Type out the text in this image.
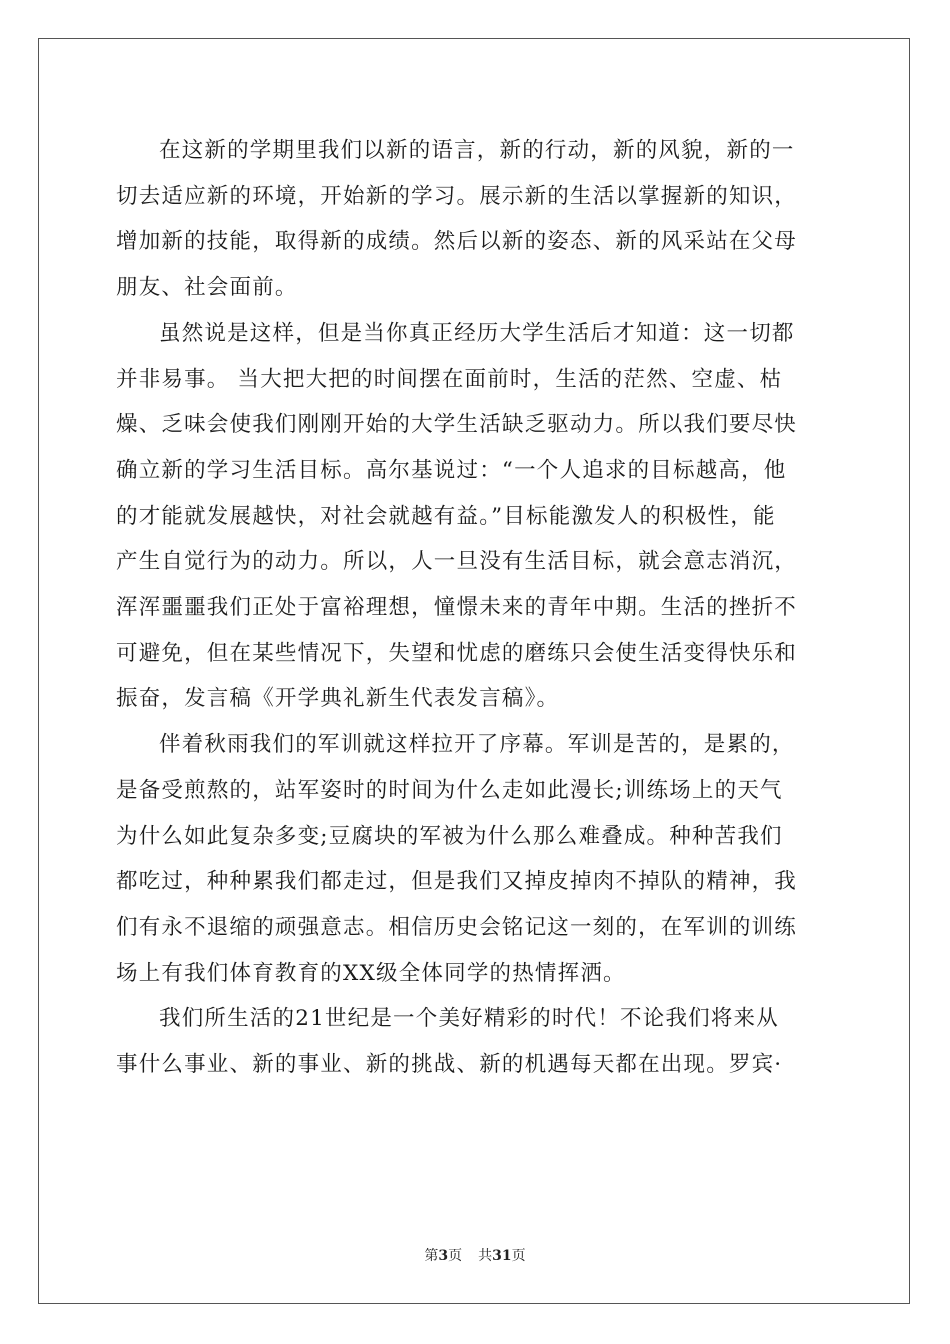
在这新的学期里我们以新的语言，新的行动，新的风貌，新的一
切去适应新的环境，开始新的学习。展示新的生活以掌握新的知识，
增加新的技能，取得新的成绩。然后以新的姿态、新的风采站在父母
朋友、社会面前。

虽然说是这样，但是当你真正经历大学生活后才知道：这一切都
并非易事。 当大把大把的时间摆在面前时，生活的茫然、空虚、枯
燥、乏味会使我们刚刚开始的大学生活缺乏驱动力。所以我们要尽快
确立新的学习生活目标。高尔基说过：“一个人追求的目标越高，他
的才能就发展越快，对社会就越有益。”目标能激发人的积极性，能
产生自觉行为的动力。所以，人一旦没有生活目标，就会意志消沉，
浑浑噩噩我们正处于富裕理想，憧憬未来的青年中期。生活的挫折不
可避免，但在某些情况下，失望和忧虑的磨练只会使生活变得快乐和
振奋，发言稿《开学典礼新生代表发言稿》。

伴着秋雨我们的军训就这样拉开了序幕。军训是苦的，是累的，
是备受煎熬的，站军姿时的时间为什么走如此漫长;训练场上的天气
为什么如此复杂多变;豆腐块的军被为什么那么难叠成。种种苦我们
都吃过，种种累我们都走过，但是我们又掉皮掉肉不掉队的精神，我
们有永不退缩的顽强意志。相信历史会铭记这一刻的，在军训的训练
场上有我们体育教育的XX级全体同学的热情挥洒。

我们所生活的21世纪是一个美好精彩的时代！不论我们将来从
事什么事业、新的事业、新的挑战、新的机遇每天都在出现。罗宾·

第3页 共31页
